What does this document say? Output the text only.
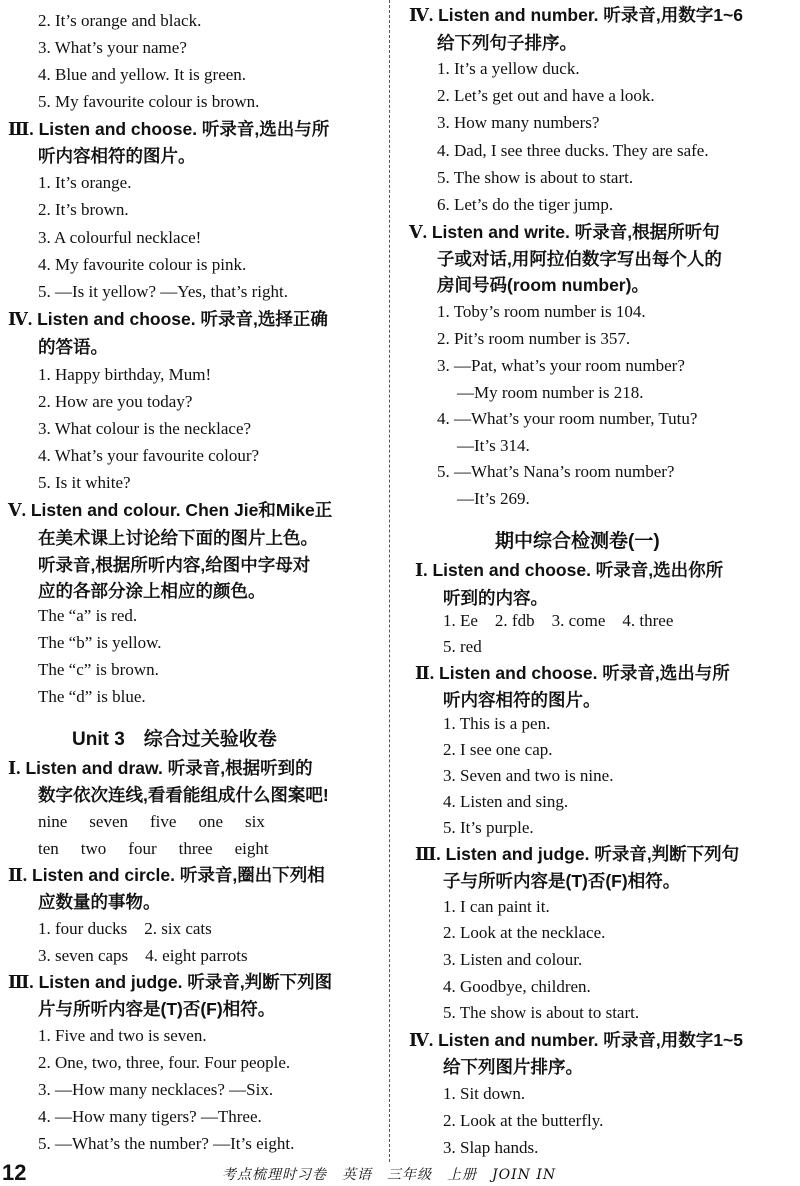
2. It’s orange and black.
3. What’s your name?
4. Blue and yellow. It is green.
5. My favourite colour is brown.
Ⅲ. Listen and choose. 听录音,选出与所
听内容相符的图片。
1. It’s orange.
2. It’s brown.
3. A colourful necklace!
4. My favourite colour is pink.
5. —Is it yellow? —Yes, that’s right.
Ⅳ. Listen and choose. 听录音,选择正确
的答语。
1. Happy birthday, Mum!
2. How are you today?
3. What colour is the necklace?
4. What’s your favourite colour?
5. Is it white?
Ⅴ. Listen and colour. Chen Jie和Mike正
在美术课上讨论给下面的图片上色。
听录音,根据所听内容,给图中字母对
应的各部分涂上相应的颜色。
The “a” is red.
The “b” is yellow.
The “c” is brown.
The “d” is blue.
Unit 3　综合过关验收卷
Ⅰ. Listen and draw. 听录音,根据听到的
数字依次连线,看看能组成什么图案吧!
nine seven five one six
ten two four three eight
Ⅱ. Listen and circle. 听录音,圈出下列相
应数量的事物。
1. four ducks　2. six cats
3. seven caps　4. eight parrots
Ⅲ. Listen and judge. 听录音,判断下列图
片与所听内容是(T)否(F)相符。
1. Five and two is seven.
2. One, two, three, four. Four people.
3. —How many necklaces? —Six.
4. —How many tigers? —Three.
5. —What’s the number? —It’s eight.
Ⅳ. Listen and number. 听录音,用数字1~6
给下列句子排序。
1. It’s a yellow duck.
2. Let’s get out and have a look.
3. How many numbers?
4. Dad, I see three ducks. They are safe.
5. The show is about to start.
6. Let’s do the tiger jump.
Ⅴ. Listen and write. 听录音,根据所听句
子或对话,用阿拉伯数字写出每个人的
房间号码(room number)。
1. Toby’s room number is 104.
2. Pit’s room number is 357.
3. —Pat, what’s your room number?
—My room number is 218.
4. —What’s your room number, Tutu?
—It’s 314.
5. —What’s Nana’s room number?
—It’s 269.
期中综合检测卷(一)
Ⅰ. Listen and choose. 听录音,选出你所
听到的内容。
1. Ee　2. fdb　3. come　4. three
5. red
Ⅱ. Listen and choose. 听录音,选出与所
听内容相符的图片。
1. This is a pen.
2. I see one cap.
3. Seven and two is nine.
4. Listen and sing.
5. It’s purple.
Ⅲ. Listen and judge. 听录音,判断下列句
子与所听内容是(T)否(F)相符。
1. I can paint it.
2. Look at the necklace.
3. Listen and colour.
4. Goodbye, children.
5. The show is about to start.
Ⅳ. Listen and number. 听录音,用数字1~5
给下列图片排序。
1. Sit down.
2. Look at the butterfly.
3. Slap hands.
12	考点梳理时习卷　英语　三年级　上册　JOIN IN
